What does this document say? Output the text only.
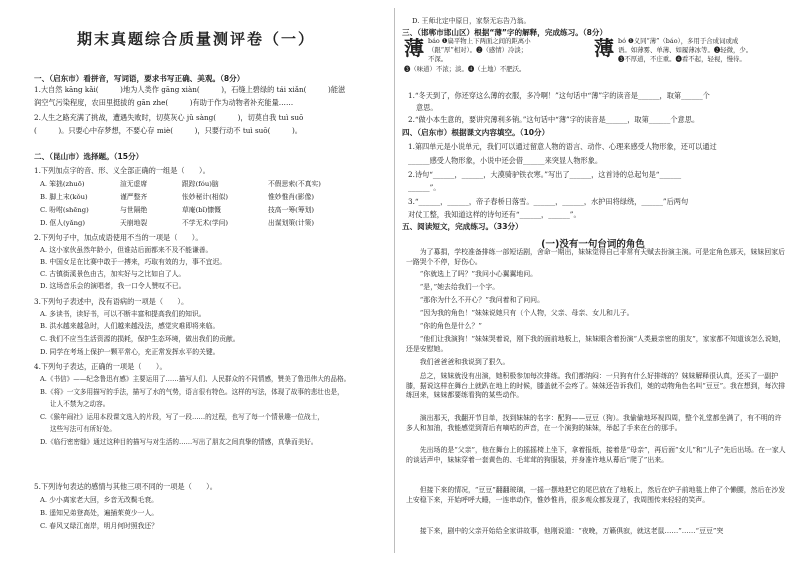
期末真题综合质量测评卷（一）
一、（启东市）看拼音，写词语，要求书写正确、美观。（8分）
1.大自然 kāng kǎi(　　　)地为人类作 gāng xiàn(　　　)，石缝上碧绿的 tái xiǎn(　　　)能滋
润空气污染程度，农田里挺拔的 gān zhe(　　　)有助于作为动物者补充能量……
2.人生之路充满了挑战，遭遇失败时，切莫灰心 jǔ sàng(　　　)，切莫自我 tuì suō
(　　　)。只要心中存梦想，不要心存 miè(　　　)，只要行动不 tuì suō(　　　)。
二、（昆山市）选择题。（15分）
1.下列加点字的音、形、义全部正确的一组是（　　）。
A. 笨拙(zhuō)	渲无虚席	跟踪(fóu)脑	不假思索(不真实)
B. 脚上末(kǒu)	谨严整齐	怅妙秘计(相似)	惟妙惟肖(影像)
C. 吩咐(shēng)	与世隔绝	草庵(bǐ)慷慨	技高一筹(筹划)
D. 伛人(yǎng)	天崩地裂	不学无术(学问)	出谋划策(计策)
2.下列句子中，加点成语使用不当的一项是（　　）。
A. 这小家伙虽然年龄小，但谁站后面都来不及不能谦善。
B. 中国女足在比赛中敢于一搏来，巧取有效的力，事不宜迟。
C. 古镇街溪景色由古，加实好与之比如自了人。
D. 这场音乐会的演唱者，我一口令人赞叹不已。
3.下列句子表述中，没有语病的一项是（　　）。
A. 多读书，读好书，可以不断丰富和提高我们的知识。
B. 洪水越来越急时，人们越来越没法，感觉灾难即将来临。
C. 我们不应当生活资源的损耗，保护生态环境，做出我们的贡献。
D. 同学在考场上保护一颗平常心，充正常发挥水平的关键。
4.下列句子表达，正确的一项是（　　）。
A.《书信》——纪念鲁迅有感》主要运用了……描写人们、人民群众的不同情感，赞美了鲁迅伟大的品格。
B.《将》一文多用描写的手法，描写了水的气势，语言很有特色。这样的写法，体现了故事的悲壮也是，
让人不禁为之动容。
C.《猴年闹社》运用本段课文选入的片段，写了一段……的过程，也写了每一个情景趣一位战士，
这些写法可有所好处。
D.《临行密密缝》通过这种目的描写与对生活的……写出了朋友之间真挚的情感，真挚而美好。
5.下列诗句表达的感情与其他三项不同的一项是（　　）。
A. 少小离家老大回，乡音无改鬓毛衰。
B. 遥知兄弟登高处，遍插茱萸少一人。
C. 春风又绿江南岸，明月何时照我还？
D. 王师北定中原日，家祭无忘告乃翁。
三、（邯郸市邯山区）根据“薄”字的解释，完成练习。（8分）
薄 báo ❶扁平物上下两面之间的距离小
（跟“厚”相对）。❷（感情）冷淡；不深。
❸（味道）不浓；淡。❹（土地）不肥沃。
薄 bó ❶义同“薄”（báo），多用于合成词或成
语。如薄雾、单薄、如履薄冰等。❷轻微，少。
❸不厚道，不庄重。❹看不起，轻视，慢待。
1.“冬天到了，你还穿这么薄的衣服，多冷啊！”这句话中“薄”字的读音是______，取第______个
意思。
2.“做小本生意的，要讲究薄利多销。”这句话中“薄”字的读音是______，取第______个意思。
四、（启东市）根据课文内容填空。（10分）
1.第四单元是小说单元，我们可以通过留意人物的语言、动作、心理来感受人物形象，还可以通过
______感受人物形象，小说中还会借______来突显人物形象。
2.诗句“______，______，大漠骑驴铁衣寒。”写出了______，这首诗的总起句是“______
______”。
3.“______，______，帝子春桥日落雪。______，______，水护田将绿绕，______”后两句
对仗工整，我知道这样的诗句还有“______，______”。
五、阅读短文，完成练习。（33分）
(一)没有一句台词的角色
　　为了募捐，学校准备排练一部短话剧，舍命一期出，妹妹觉得自己非常有天赋去扮演主演。可是定角色那天，妹妹回家后一路哭个不停，好伤心。
　　“你就选上了吗？”我问小心翼翼地问。
　　“是，”她去给我们一个字。
　　“那你为什么不开心？”我问着和了问问。
　　“因为我的角色！”妹妹说她只有（个人物，父亲、母亲、女儿和儿子。
　　“你的角色是什么？”
　　“他们让我演狗！”妹妹哭着说，刚下我的面前地板上，妹妹眼含着扮演“人类最亲密的朋友”，家家都不知道该怎么说她，还是安慰她。
　　我们爸爸爸和我说到了狠久。
　　总之，妹妹就没有出演，她积极参加每次排练。我们都纳闷：一只狗有什么好排练的？妹妹解释很认真，还买了一副护膝，据说这样在舞台上就趴在地上的时候，膝盖就不会疼了。妹妹还告诉我们，她的动物角色名叫“豆豆”。我在想到，每次排练回来，妹妹都要练看狗的某些动作。
　　演出那天，我翻开节目单，找到妹妹的名字：配狗——豆豆（狗）。我偷偷地环视四周，整个礼堂都坐满了，有不明的许多人和加油，我能感觉到背后有嘀咕的声音，在一个演狗的妹妹，举起了手来在台的那手。
　　先出场的是“父亲”，他在舞台上的摇摇椅上坐下，拿着报纸，接着是“母亲”，再后面“女儿”和“儿子”先后出场。在一家人的谈话声中，妹妹穿着一套黄色的、毛茸茸的狗服装，并身准许地从幕后“爬了”出来。
　　但接下来的情况，“豆豆”翻翻玻璃，一摇一摆地把它的尾巴放在了地板上，然后在炉子前地毯上伸了个懒腰，然后在沙发上安稳下来，开始呼呼大睡，一连串动作，惟妙惟肖，很多观众都发现了，我周围传来轻轻的笑声。
　　接下来，剧中的父亲开始给全家讲故事，他刚说道：“夜晚，万籁俱寂，就这老鼠……”……“豆豆”突
